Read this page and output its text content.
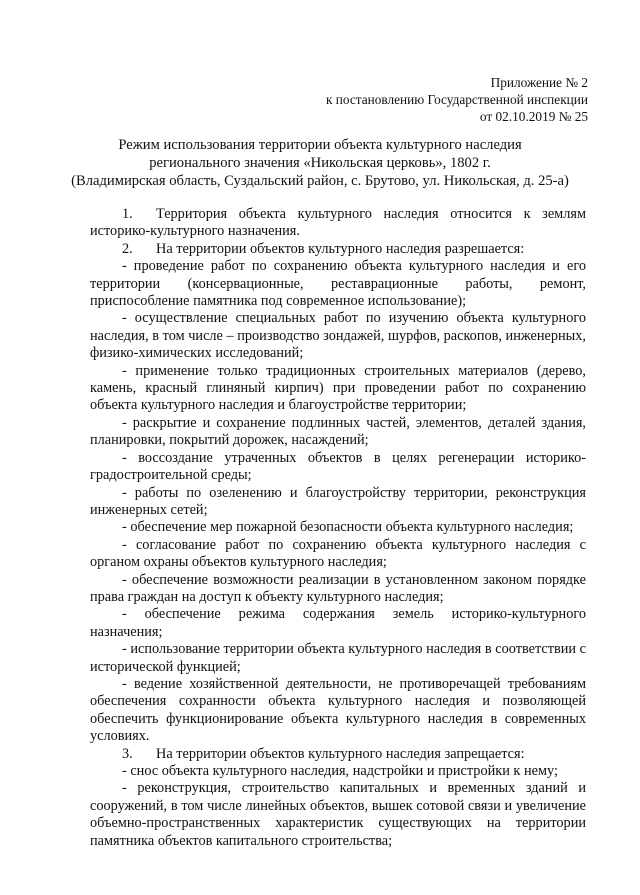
Приложение № 2
к постановлению Государственной инспекции
от 02.10.2019 № 25
Режим использования территории объекта культурного наследия
регионального значения «Никольская церковь», 1802 г.
(Владимирская область, Суздальский район, с. Брутово, ул. Никольская, д. 25-а)

1. Территория объекта культурного наследия относится к землям историко-культурного назначения.

2. На территории объектов культурного наследия разрешается:

- проведение работ по сохранению объекта культурного наследия и его территории (консервационные, реставрационные работы, ремонт, приспособление памятника под современное использование);

- осуществление специальных работ по изучению объекта культурного наследия, в том числе – производство зондажей, шурфов, раскопов, инженерных, физико-химических исследований;

- применение только традиционных строительных материалов (дерево, камень, красный глиняный кирпич) при проведении работ по сохранению объекта культурного наследия и благоустройстве территории;

- раскрытие и сохранение подлинных частей, элементов, деталей здания, планировки, покрытий дорожек, насаждений;

- воссоздание утраченных объектов в целях регенерации историко-градостроительной среды;

- работы по озеленению и благоустройству территории, реконструкция инженерных сетей;

- обеспечение мер пожарной безопасности объекта культурного наследия;

- согласование работ по сохранению объекта культурного наследия с органом охраны объектов культурного наследия;

- обеспечение возможности реализации в установленном законом порядке права граждан на доступ к объекту культурного наследия;

- обеспечение режима содержания земель историко-культурного назначения;

- использование территории объекта культурного наследия в соответствии с исторической функцией;

- ведение хозяйственной деятельности, не противоречащей требованиям обеспечения сохранности объекта культурного наследия и позволяющей обеспечить функционирование объекта культурного наследия в современных условиях.

3. На территории объектов культурного наследия запрещается:

- снос объекта культурного наследия, надстройки и пристройки к нему;

- реконструкция, строительство капитальных и временных зданий и сооружений, в том числе линейных объектов, вышек сотовой связи и увеличение объемно-пространственных характеристик существующих на территории памятника объектов капитального строительства;
